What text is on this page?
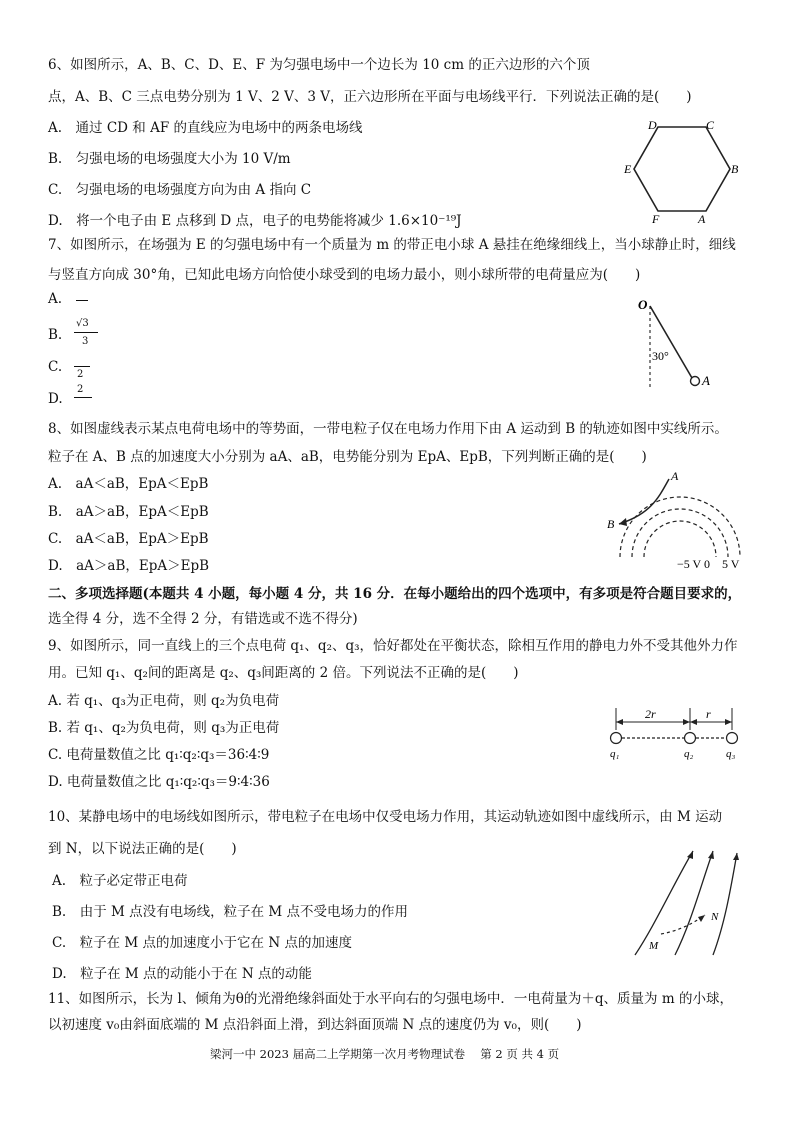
6、如图所示，A、B、C、D、E、F 为匀强电场中一个边长为 10 cm 的正六边形的六个顶
点，A、B、C 三点电势分别为 1 V、2 V、3 V，正六边形所在平面与电场线平行．下列说法正确的是(　　)
A.　通过 CD 和 AF 的直线应为电场中的两条电场线
B.　匀强电场的电场强度大小为 10 V/m
C.　匀强电场的电场强度方向为由 A 指向 C
D.　将一个电子由 E 点移到 D 点，电子的电势能将减少 1.6×10⁻¹⁹J
D	C
E	B
F	A
7、如图所示，在场强为 E 的匀强电场中有一个质量为 m 的带正电小球 A 悬挂在绝缘细线上，当小球静止时，细线
与竖直方向成 30°角，已知此电场方向恰使小球受到的电场力最小，则小球所带的电荷量应为(　　)
A.
B.
√3
3
C. 2
D.
2
O
30°
A
8、如图虚线表示某点电荷电场中的等势面，一带电粒子仅在电场力作用下由 A 运动到 B 的轨迹如图中实线所示。
粒子在 A、B 点的加速度大小分别为 aA、aB，电势能分别为 EpA、EpB，下列判断正确的是(　　)
A.　aA＜aB，EpA＜EpB
B.　aA＞aB，EpA＜EpB
C.　aA＜aB，EpA＞EpB
D.　aA＞aB，EpA＞EpB
A
B
−5 V 0　5 V
二、多项选择题(本题共 4 小题，每小题 4 分，共 16 分．在每小题给出的四个选项中，有多项是符合题目要求的，
选全得 4 分，选不全得 2 分，有错选或不选不得分)
9、如图所示，同一直线上的三个点电荷 q₁、q₂、q₃，恰好都处在平衡状态，除相互作用的静电力外不受其他外力作
用。已知 q₁、q₂间的距离是 q₂、q₃间距离的 2 倍。下列说法不正确的是(　　)
A. 若 q₁、q₃为正电荷，则 q₂为负电荷
B. 若 q₁、q₂为负电荷，则 q₃为正电荷
C. 电荷量数值之比 q₁∶q₂∶q₃＝36∶4∶9
D. 电荷量数值之比 q₁∶q₂∶q₃＝9∶4∶36
2r	r
q₁	q₂	q₃
10、某静电场中的电场线如图所示，带电粒子在电场中仅受电场力作用，其运动轨迹如图中虚线所示，由 M 运动
到 N，以下说法正确的是(　　)
A.　粒子必定带正电荷
B.　由于 M 点没有电场线，粒子在 M 点不受电场力的作用
C.　粒子在 M 点的加速度小于它在 N 点的加速度
D.　粒子在 M 点的动能小于在 N 点的动能
M
N
11、如图所示，长为 l、倾角为θ的光滑绝缘斜面处于水平向右的匀强电场中．一电荷量为＋q、质量为 m 的小球，
以初速度 v₀由斜面底端的 M 点沿斜面上滑，到达斜面顶端 N 点的速度仍为 v₀，则(　　)
梁河一中 2023 届高二上学期第一次月考物理试卷　 第 2 页 共 4 页
